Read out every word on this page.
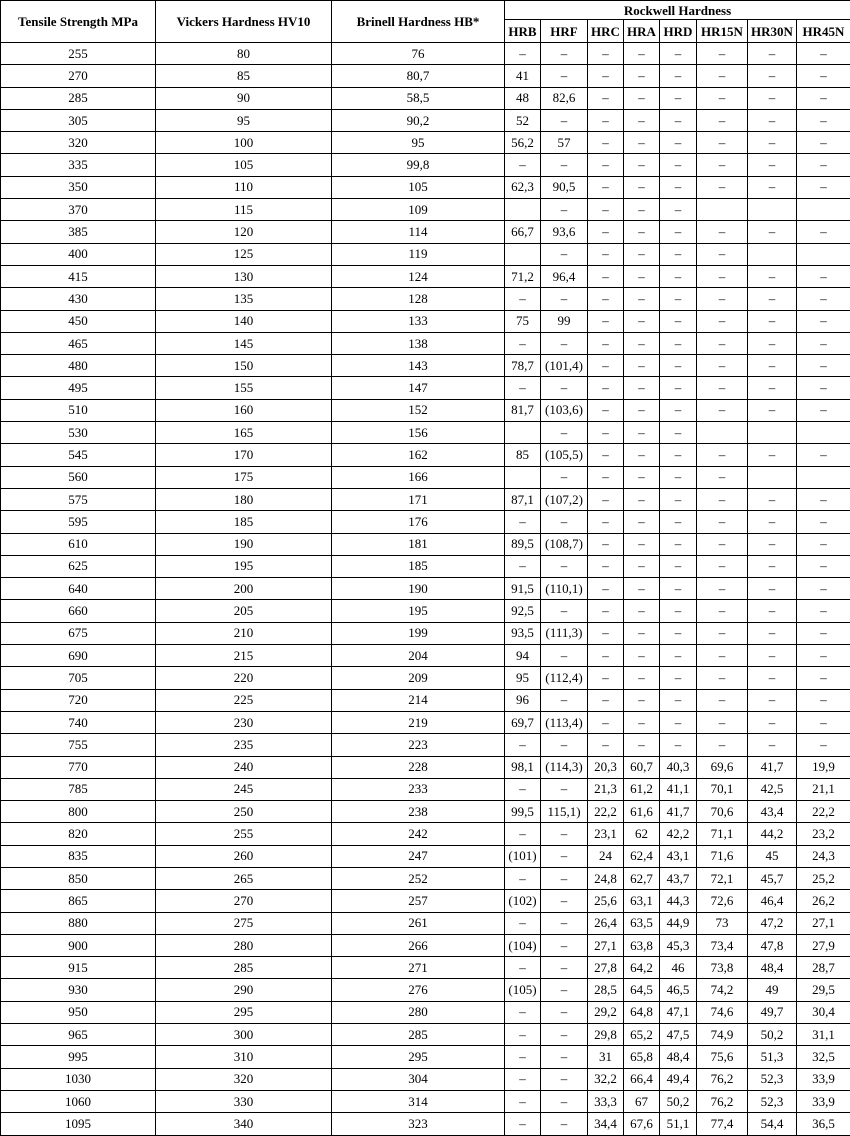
Tensile Strength MPa	Vickers Hardness HV10	Brinell Hardness HB*	Rockwell Hardness							
			HRB	HRF	HRC	HRA	HRD	HR15N	HR30N	HR45N
255	80	76	–	–	–	–	–	–	–	–
270	85	80,7	41	–	–	–	–	–	–	–
285	90	58,5	48	82,6	–	–	–	–	–	–
305	95	90,2	52	–	–	–	–	–	–	–
320	100	95	56,2	57	–	–	–	–	–	–
335	105	99,8	–	–	–	–	–	–	–	–
350	110	105	62,3	90,5	–	–	–	–	–	–
370	115	109		–	–	–	–			
385	120	114	66,7	93,6	–	–	–	–	–	–
400	125	119		–	–	–	–	–		
415	130	124	71,2	96,4	–	–	–	–	–	–
430	135	128	–	–	–	–	–	–	–	–
450	140	133	75	99	–	–	–	–	–	–
465	145	138	–	–	–	–	–	–	–	–
480	150	143	78,7	(101,4)	–	–	–	–	–	–
495	155	147	–	–	–	–	–	–	–	–
510	160	152	81,7	(103,6)	–	–	–	–	–	–
530	165	156		–	–	–	–			
545	170	162	85	(105,5)	–	–	–	–	–	–
560	175	166		–	–	–	–	–		
575	180	171	87,1	(107,2)	–	–	–	–	–	–
595	185	176	–	–	–	–	–	–	–	–
610	190	181	89,5	(108,7)	–	–	–	–	–	–
625	195	185	–	–	–	–	–	–	–	–
640	200	190	91,5	(110,1)	–	–	–	–	–	–
660	205	195	92,5	–	–	–	–	–	–	–
675	210	199	93,5	(111,3)	–	–	–	–	–	–
690	215	204	94	–	–	–	–	–	–	–
705	220	209	95	(112,4)	–	–	–	–	–	–
720	225	214	96	–	–	–	–	–	–	–
740	230	219	69,7	(113,4)	–	–	–	–	–	–
755	235	223	–	–	–	–	–	–	–	–
770	240	228	98,1	(114,3)	20,3	60,7	40,3	69,6	41,7	19,9
785	245	233	–	–	21,3	61,2	41,1	70,1	42,5	21,1
800	250	238	99,5	115,1)	22,2	61,6	41,7	70,6	43,4	22,2
820	255	242	–	–	23,1	62	42,2	71,1	44,2	23,2
835	260	247	(101)	–	24	62,4	43,1	71,6	45	24,3
850	265	252	–	–	24,8	62,7	43,7	72,1	45,7	25,2
865	270	257	(102)	–	25,6	63,1	44,3	72,6	46,4	26,2
880	275	261	–	–	26,4	63,5	44,9	73	47,2	27,1
900	280	266	(104)	–	27,1	63,8	45,3	73,4	47,8	27,9
915	285	271	–	–	27,8	64,2	46	73,8	48,4	28,7
930	290	276	(105)	–	28,5	64,5	46,5	74,2	49	29,5
950	295	280	–	–	29,2	64,8	47,1	74,6	49,7	30,4
965	300	285	–	–	29,8	65,2	47,5	74,9	50,2	31,1
995	310	295	–	–	31	65,8	48,4	75,6	51,3	32,5
1030	320	304	–	–	32,2	66,4	49,4	76,2	52,3	33,9
1060	330	314	–	–	33,3	67	50,2	76,2	52,3	33,9
1095	340	323	–	–	34,4	67,6	51,1	77,4	54,4	36,5
